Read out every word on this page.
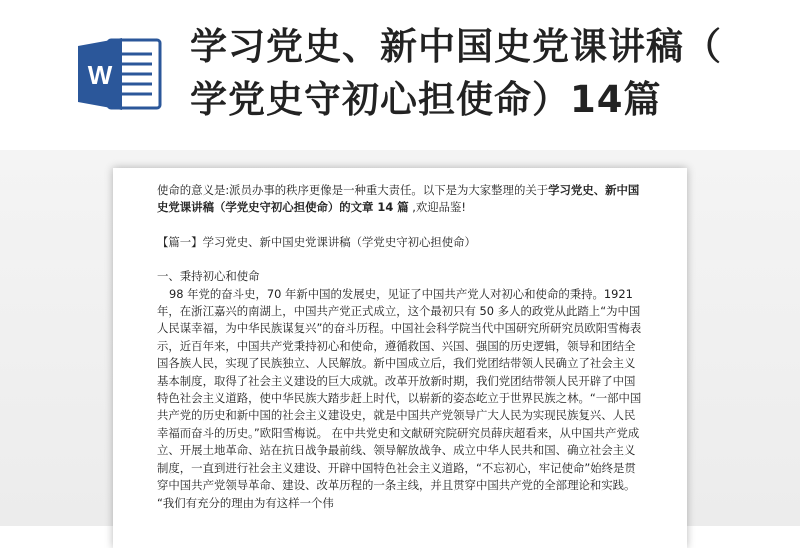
W
学习党史、新中国史党课讲稿（
学党史守初心担使命）14篇

使命的意义是:派员办事的秩序更像是一种重大责任。以下是为大家整理的关于学习党史、新中国史党课讲稿（学党史守初心担使命）的文章 14 篇 ,欢迎品鉴!

【篇一】学习党史、新中国史党课讲稿（学党史守初心担使命）

一、秉持初心和使命

98 年党的奋斗史，70 年新中国的发展史，见证了中国共产党人对初心和使命的秉持。1921 年，在浙江嘉兴的南湖上，中国共产党正式成立，这个最初只有 50 多人的政党从此踏上“为中国人民谋幸福，为中华民族谋复兴”的奋斗历程。中国社会科学院当代中国研究所研究员欧阳雪梅表示，近百年来，中国共产党秉持初心和使命，遵循救国、兴国、强国的历史逻辑，领导和团结全国各族人民，实现了民族独立、人民解放。新中国成立后，我们党团结带领人民确立了社会主义基本制度，取得了社会主义建设的巨大成就。改革开放新时期，我们党团结带领人民开辟了中国特色社会主义道路，使中华民族大踏步赶上时代，以崭新的姿态屹立于世界民族之林。“一部中国共产党的历史和新中国的社会主义建设史，就是中国共产党领导广大人民为实现民族复兴、人民幸福而奋斗的历史。”欧阳雪梅说。 在中共党史和文献研究院研究员薛庆超看来，从中国共产党成立、开展土地革命、站在抗日战争最前线、领导解放战争、成立中华人民共和国、确立社会主义制度，一直到进行社会主义建设、开辟中国特色社会主义道路，“不忘初心，牢记使命”始终是贯穿中国共产党领导革命、建设、改革历程的一条主线，并且贯穿中国共产党的全部理论和实践。 “我们有充分的理由为有这样一个伟
